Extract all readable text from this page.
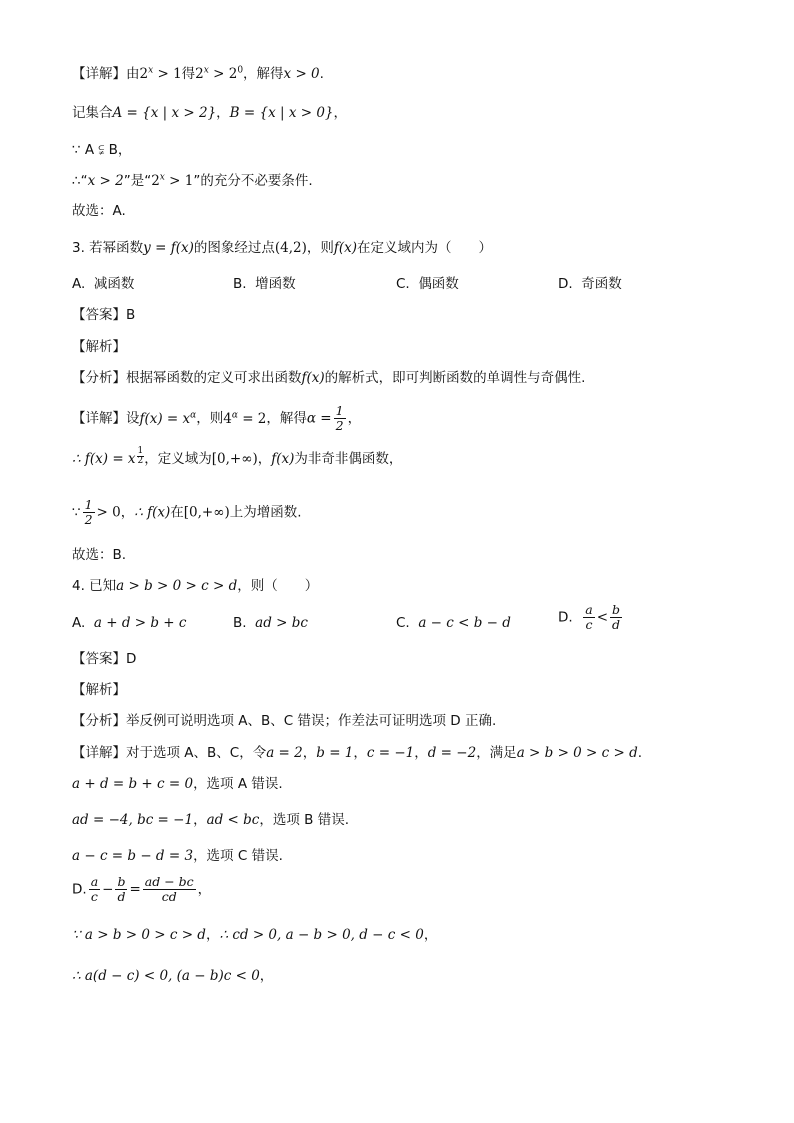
【详解】由$2^x > 1$得$2^x > 2^0$，解得x > 0.
记集合A = {x | x > 2}，B = {x | x > 0}，
∵ A ⫋ B，
∴“x > 2”是“$2^x > 1$”的充分不必要条件.
故选：A.
3. 若幂函数y = f(x)的图象经过点(4,2)，则f(x)在定义域内为（　　）
A. 减函数	B. 增函数	C. 偶函数	D. 奇函数
【答案】B
【解析】
【分析】根据幂函数的定义可求出函数f(x)的解析式，即可判断函数的单调性与奇偶性.
【详解】设$f(x) = x^\alpha$，则$4^\alpha = 2$，解得$\alpha = \frac{1}{2}$ ，
∴ f(x) = x $\frac{1}{2}$ ，定义域为[0,+∞)，f(x)为非奇非偶函数，
∵ $\frac{1}{2} > 0$，∴ f(x)在[0,+∞)上为增函数.
故选：B.
4. 已知a > b > 0 > c > d，则（　　）
A. a + d > b + c	B. ad > bc	C. a − c < b − d	D. $\frac{a}{c} < \frac{b}{d}$
【答案】D
【解析】
【分析】举反例可说明选项 A、B、C 错误；作差法可证明选项 D 正确.
【详解】对于选项 A、B、C，令a = 2，b = 1，c = −1，d = −2，满足a > b > 0 > c > d.
a + d = b + c = 0，选项 A 错误.
ad = −4, bc = −1，ad < bc，选项 B 错误.
a − c = b − d = 3，选项 C 错误.
D. $\frac{a}{c} - \frac{b}{d} = \frac{ad - bc}{cd}$ ，
∵ a > b > 0 > c > d，∴ cd > 0, a − b > 0, d − c < 0，
∴ a(d − c) < 0, (a − b)c < 0，
